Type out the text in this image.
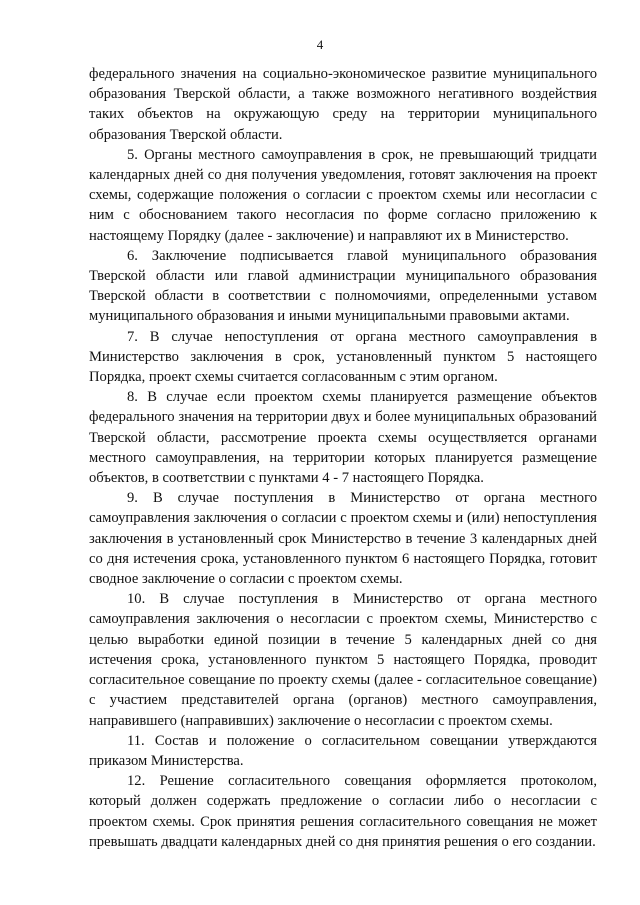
4

федерального значения на социально-экономическое развитие муниципального образования Тверской области, а также возможного негативного воздействия таких объектов на окружающую среду на территории муниципального образования Тверской области.

5. Органы местного самоуправления в срок, не превышающий тридцати календарных дней со дня получения уведомления, готовят заключения на проект схемы, содержащие положения о согласии с проектом схемы или несогласии с ним с обоснованием такого несогласия по форме согласно приложению к настоящему Порядку (далее - заключение) и направляют их в Министерство.

6. Заключение подписывается главой муниципального образования Тверской области или главой администрации муниципального образования Тверской области в соответствии с полномочиями, определенными уставом муниципального образования и иными муниципальными правовыми актами.

7. В случае непоступления от органа местного самоуправления в Министерство заключения в срок, установленный пунктом 5 настоящего Порядка, проект схемы считается согласованным с этим органом.

8. В случае если проектом схемы планируется размещение объектов федерального значения на территории двух и более муниципальных образований Тверской области, рассмотрение проекта схемы осуществляется органами местного самоуправления, на территории которых планируется размещение объектов, в соответствии с пунктами 4 - 7 настоящего Порядка.

9. В случае поступления в Министерство от органа местного самоуправления заключения о согласии с проектом схемы и (или) непоступления заключения в установленный срок Министерство в течение 3 календарных дней со дня истечения срока, установленного пунктом 6 настоящего Порядка, готовит сводное заключение о согласии с проектом схемы.

10. В случае поступления в Министерство от органа местного самоуправления заключения о несогласии с проектом схемы, Министерство с целью выработки единой позиции в течение 5 календарных дней со дня истечения срока, установленного пунктом 5 настоящего Порядка, проводит согласительное совещание по проекту схемы (далее - согласительное совещание) с участием представителей органа (органов) местного самоуправления, направившего (направивших) заключение о несогласии с проектом схемы.

11. Состав и положение о согласительном совещании утверждаются приказом Министерства.

12. Решение согласительного совещания оформляется протоколом, который должен содержать предложение о согласии либо о несогласии с проектом схемы. Срок принятия решения согласительного совещания не может превышать двадцати календарных дней со дня принятия решения о его создании.
